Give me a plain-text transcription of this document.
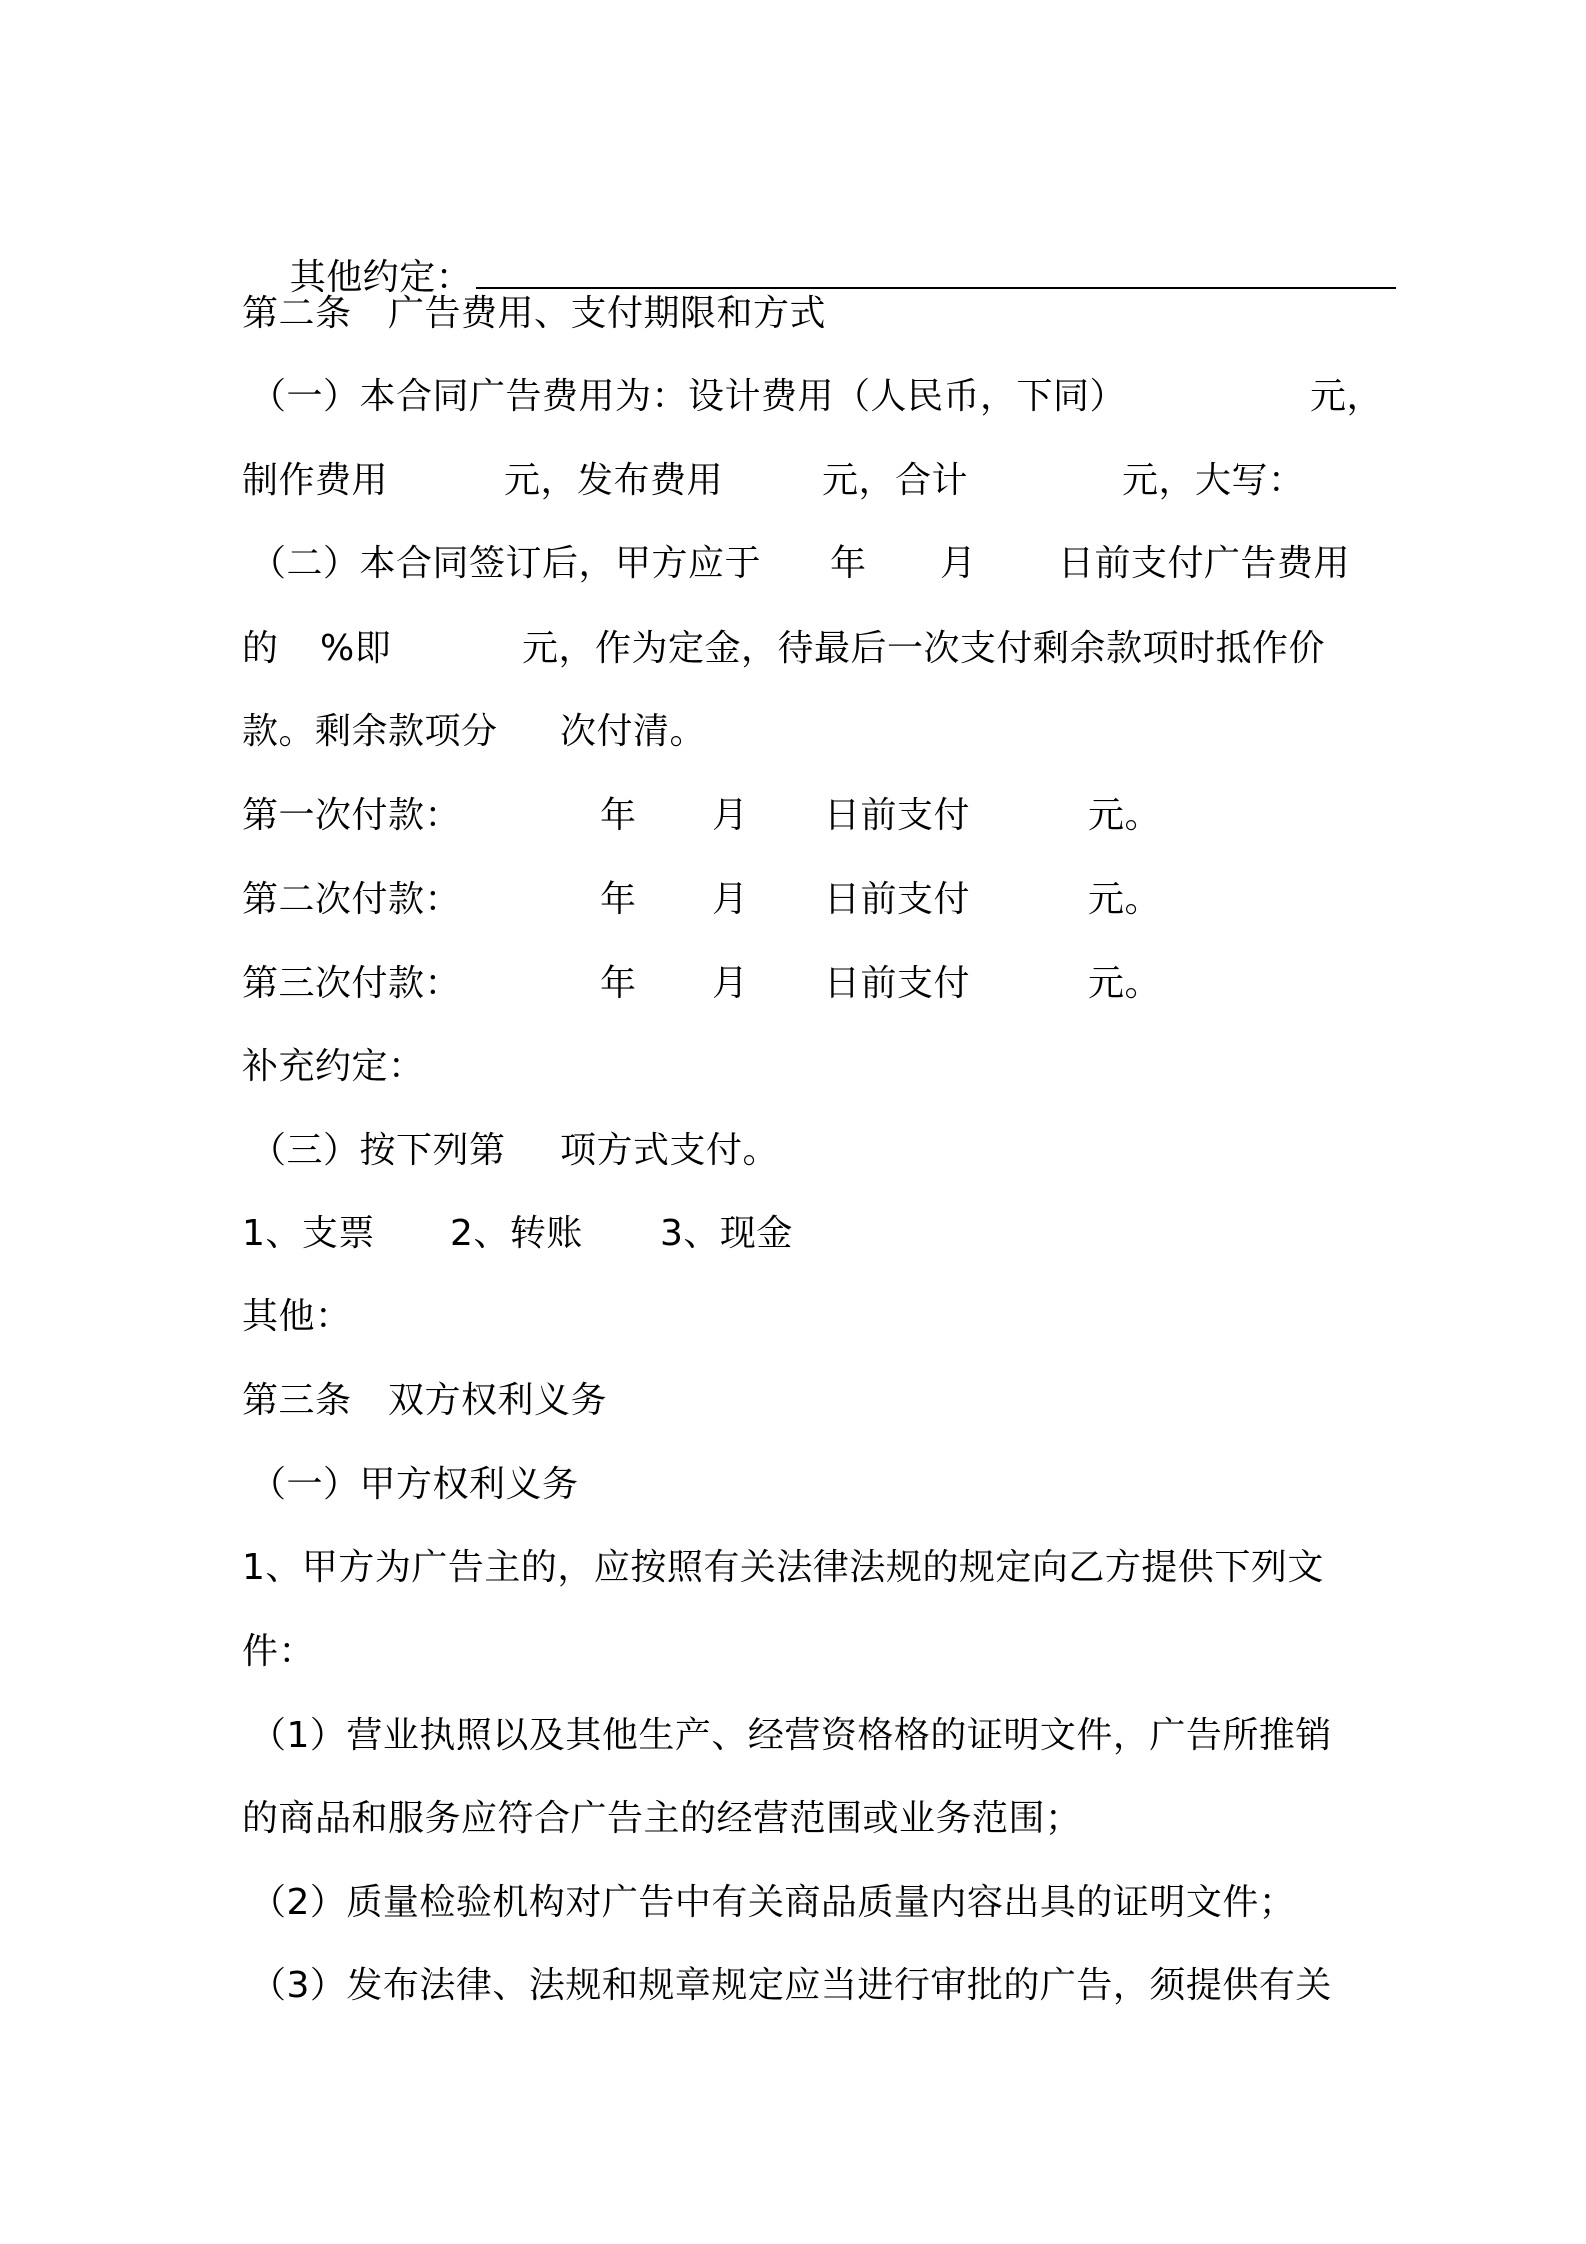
其他约定：

第二条　广告费用、支付期限和方式

（一）本合同广告费用为：设计费用（人民币，下同）

	元，

制作费用

	元，发布费用

	元，合计

	元，大写：

（二）本合同签订后，甲方应于

年

月

日前支付广告费用

的

%即

	元，作为定金，待最后一次支付剩余款项时抵作价

款。剩余款项分

次付清。

第一次付款：

	年

月

日前支付

	元。

第二次付款：

	年

月

日前支付

	元。

第三次付款：

	年

月

日前支付

	元。

补充约定：

（三）按下列第

项方式支付。

1、支票

2、转账

3、现金

其他：
第三条　双方权利义务
（一）甲方权利义务
1、甲方为广告主的，应按照有关法律法规的规定向乙方提供下列文
件：
（1）营业执照以及其他生产、经营资格格的证明文件，广告所推销
的商品和服务应符合广告主的经营范围或业务范围；
（2）质量检验机构对广告中有关商品质量内容出具的证明文件；
（3）发布法律、法规和规章规定应当进行审批的广告，须提供有关
